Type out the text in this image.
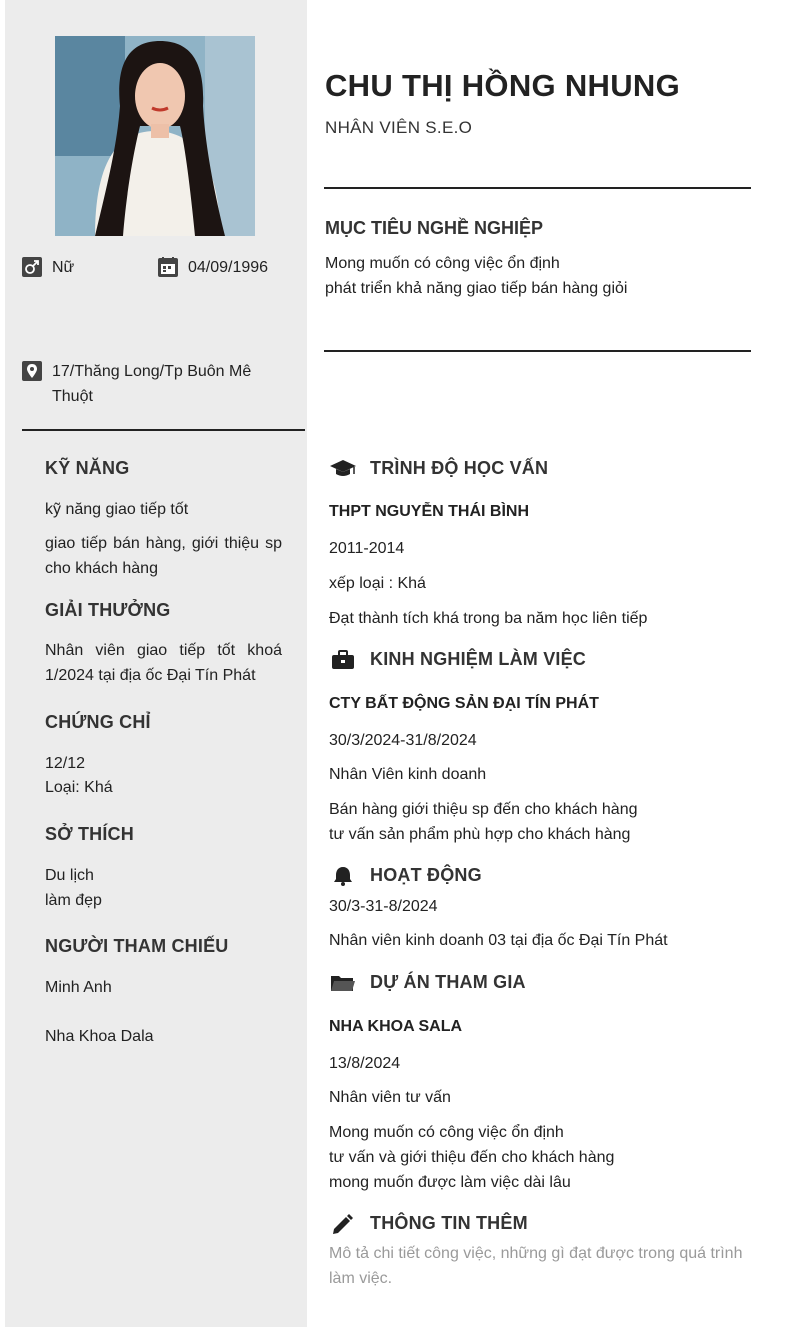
Nữ	04/09/1996
17/Thăng Long/Tp Buôn Mê
Thuột
KỸ NĂNG
kỹ năng giao tiếp tốt
giao tiếp bán hàng, giới thiệu sp cho khách hàng
GIẢI THƯỞNG
Nhân viên giao tiếp tốt khoá 1/2024 tại địa ốc Đại Tín Phát
CHỨNG CHỈ
12/12
Loại: Khá
SỞ THÍCH
Du lịch
làm đẹp
NGƯỜI THAM CHIẾU
Minh Anh
Nha Khoa Dala
CHU THỊ HỒNG NHUNG
NHÂN VIÊN S.E.O
MỤC TIÊU NGHỀ NGHIỆP
Mong muốn có công việc ổn định
phát triển khả năng giao tiếp bán hàng giỏi
TRÌNH ĐỘ HỌC VẤN
THPT NGUYỄN THÁI BÌNH
2011-2014
xếp loại : Khá
Đạt thành tích khá trong ba năm học liên tiếp
KINH NGHIỆM LÀM VIỆC
CTY BẤT ĐỘNG SẢN ĐẠI TÍN PHÁT
30/3/2024-31/8/2024
Nhân Viên kinh doanh
Bán hàng giới thiệu sp đến cho khách hàng
tư vấn sản phẩm phù hợp cho khách hàng
HOẠT ĐỘNG
30/3-31-8/2024
Nhân viên kinh doanh 03 tại địa ốc Đại Tín Phát
DỰ ÁN THAM GIA
NHA KHOA SALA
13/8/2024
Nhân viên tư vấn
Mong muốn có công việc ổn định
tư vấn và giới thiệu đến cho khách hàng
mong muốn được làm việc dài lâu
THÔNG TIN THÊM
Mô tả chi tiết công việc, những gì đạt được trong quá trình làm việc.
